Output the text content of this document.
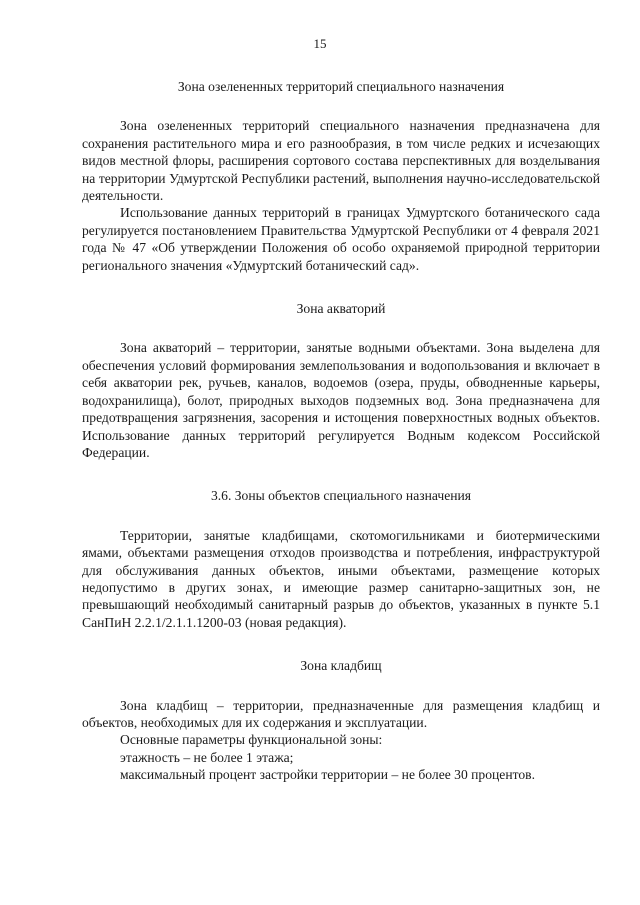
15
Зона озелененных территорий специального назначения

Зона озелененных территорий специального назначения предназначена для сохранения растительного мира и его разнообразия, в том числе редких и исчезающих видов местной флоры, расширения сортового состава перспективных для возделывания на территории Удмуртской Республики растений, выполнения научно-исследовательской деятельности.

Использование данных территорий в границах Удмуртского ботанического сада регулируется постановлением Правительства Удмуртской Республики от 4 февраля 2021 года № 47 «Об утверждении Положения об особо охраняемой природной территории регионального значения «Удмуртский ботанический сад».

Зона акваторий

Зона акваторий – территории, занятые водными объектами. Зона выделена для обеспечения условий формирования землепользования и водопользования и включает в себя акватории рек, ручьев, каналов, водоемов (озера, пруды, обводненные карьеры, водохранилища), болот, природных выходов подземных вод. Зона предназначена для предотвращения загрязнения, засорения и истощения поверхностных водных объектов. Использование данных территорий регулируется Водным кодексом Российской Федерации.

3.6. Зоны объектов специального назначения

Территории, занятые кладбищами, скотомогильниками и биотермическими ямами, объектами размещения отходов производства и потребления, инфраструктурой для обслуживания данных объектов, иными объектами, размещение которых недопустимо в других зонах, и имеющие размер санитарно-защитных зон, не превышающий необходимый санитарный разрыв до объектов, указанных в пункте 5.1 СанПиН 2.2.1/2.1.1.1200-03 (новая редакция).

Зона кладбищ

Зона кладбищ – территории, предназначенные для размещения кладбищ и объектов, необходимых для их содержания и эксплуатации.

Основные параметры функциональной зоны:

этажность – не более 1 этажа;

максимальный процент застройки территории – не более 30 процентов.
